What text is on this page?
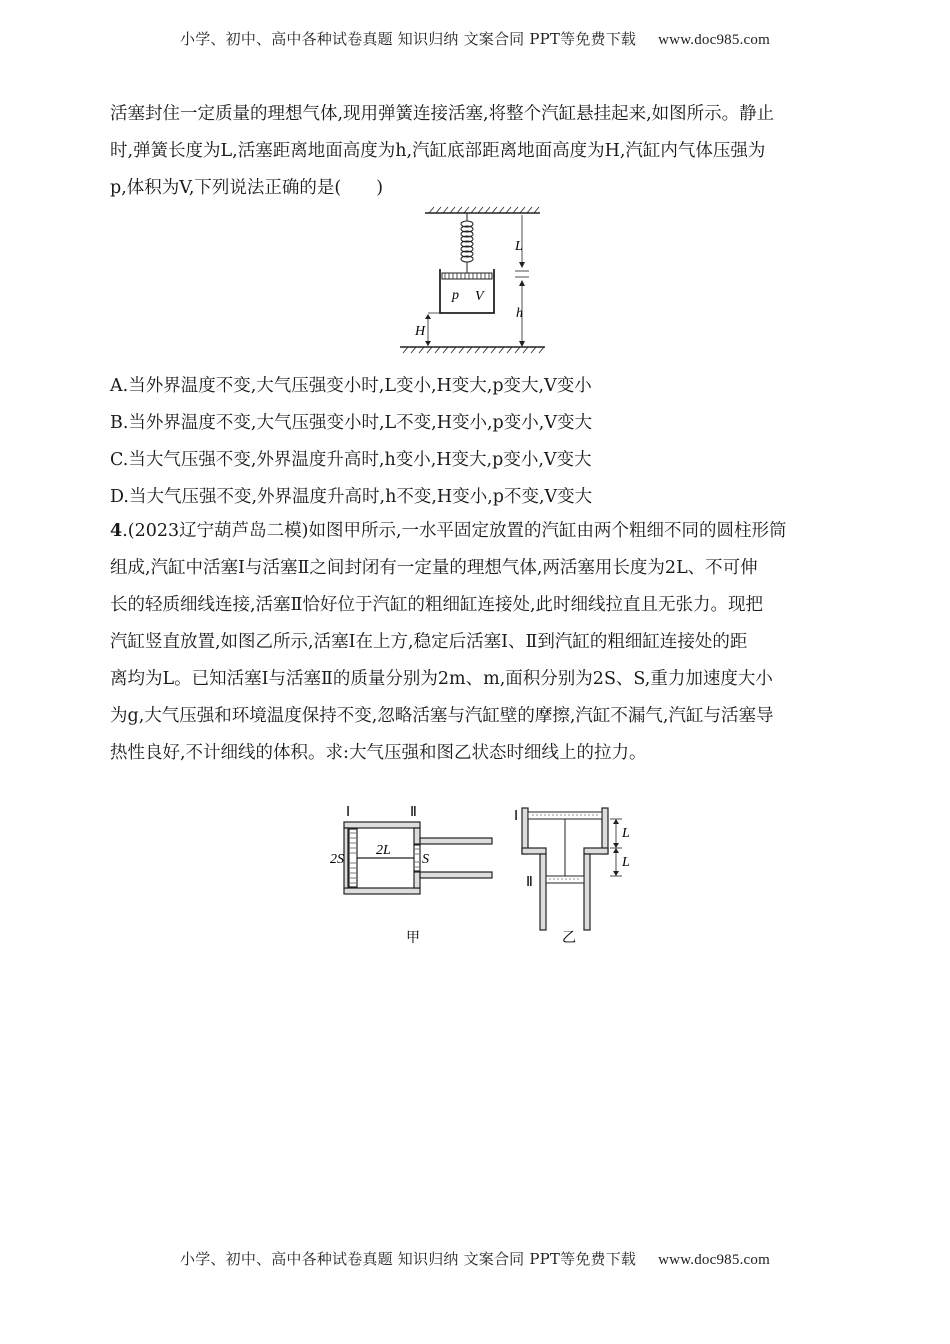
小学、初中、高中各种试卷真题 知识归纳 文案合同 PPT等免费下载 www.doc985.com
活塞封住一定质量的理想气体,现用弹簧连接活塞,将整个汽缸悬挂起来,如图所示。静止
时,弹簧长度为L,活塞距离地面高度为h,汽缸底部距离地面高度为H,汽缸内气体压强为
p,体积为V,下列说法正确的是(　　)
p V
H
L
h
A.当外界温度不变,大气压强变小时,L变小,H变大,p变大,V变小
B.当外界温度不变,大气压强变小时,L不变,H变小,p变小,V变大
C.当大气压强不变,外界温度升高时,h变小,H变大,p变小,V变大
D.当大气压强不变,外界温度升高时,h不变,H变小,p不变,V变大
4.(2023辽宁葫芦岛二模)如图甲所示,一水平固定放置的汽缸由两个粗细不同的圆柱形筒
组成,汽缸中活塞Ⅰ与活塞Ⅱ之间封闭有一定量的理想气体,两活塞用长度为2L、不可伸
长的轻质细线连接,活塞Ⅱ恰好位于汽缸的粗细缸连接处,此时细线拉直且无张力。现把
汽缸竖直放置,如图乙所示,活塞Ⅰ在上方,稳定后活塞Ⅰ、Ⅱ到汽缸的粗细缸连接处的距
离均为L。已知活塞Ⅰ与活塞Ⅱ的质量分别为2m、m,面积分别为2S、S,重力加速度大小
为g,大气压强和环境温度保持不变,忽略活塞与汽缸壁的摩擦,汽缸不漏气,汽缸与活塞导
热性良好,不计细线的体积。求:大气压强和图乙状态时细线上的拉力。
Ⅰ	Ⅱ
2S
2L
S
甲
Ⅰ
Ⅱ
L
L
乙
小学、初中、高中各种试卷真题 知识归纳 文案合同 PPT等免费下载 www.doc985.com
